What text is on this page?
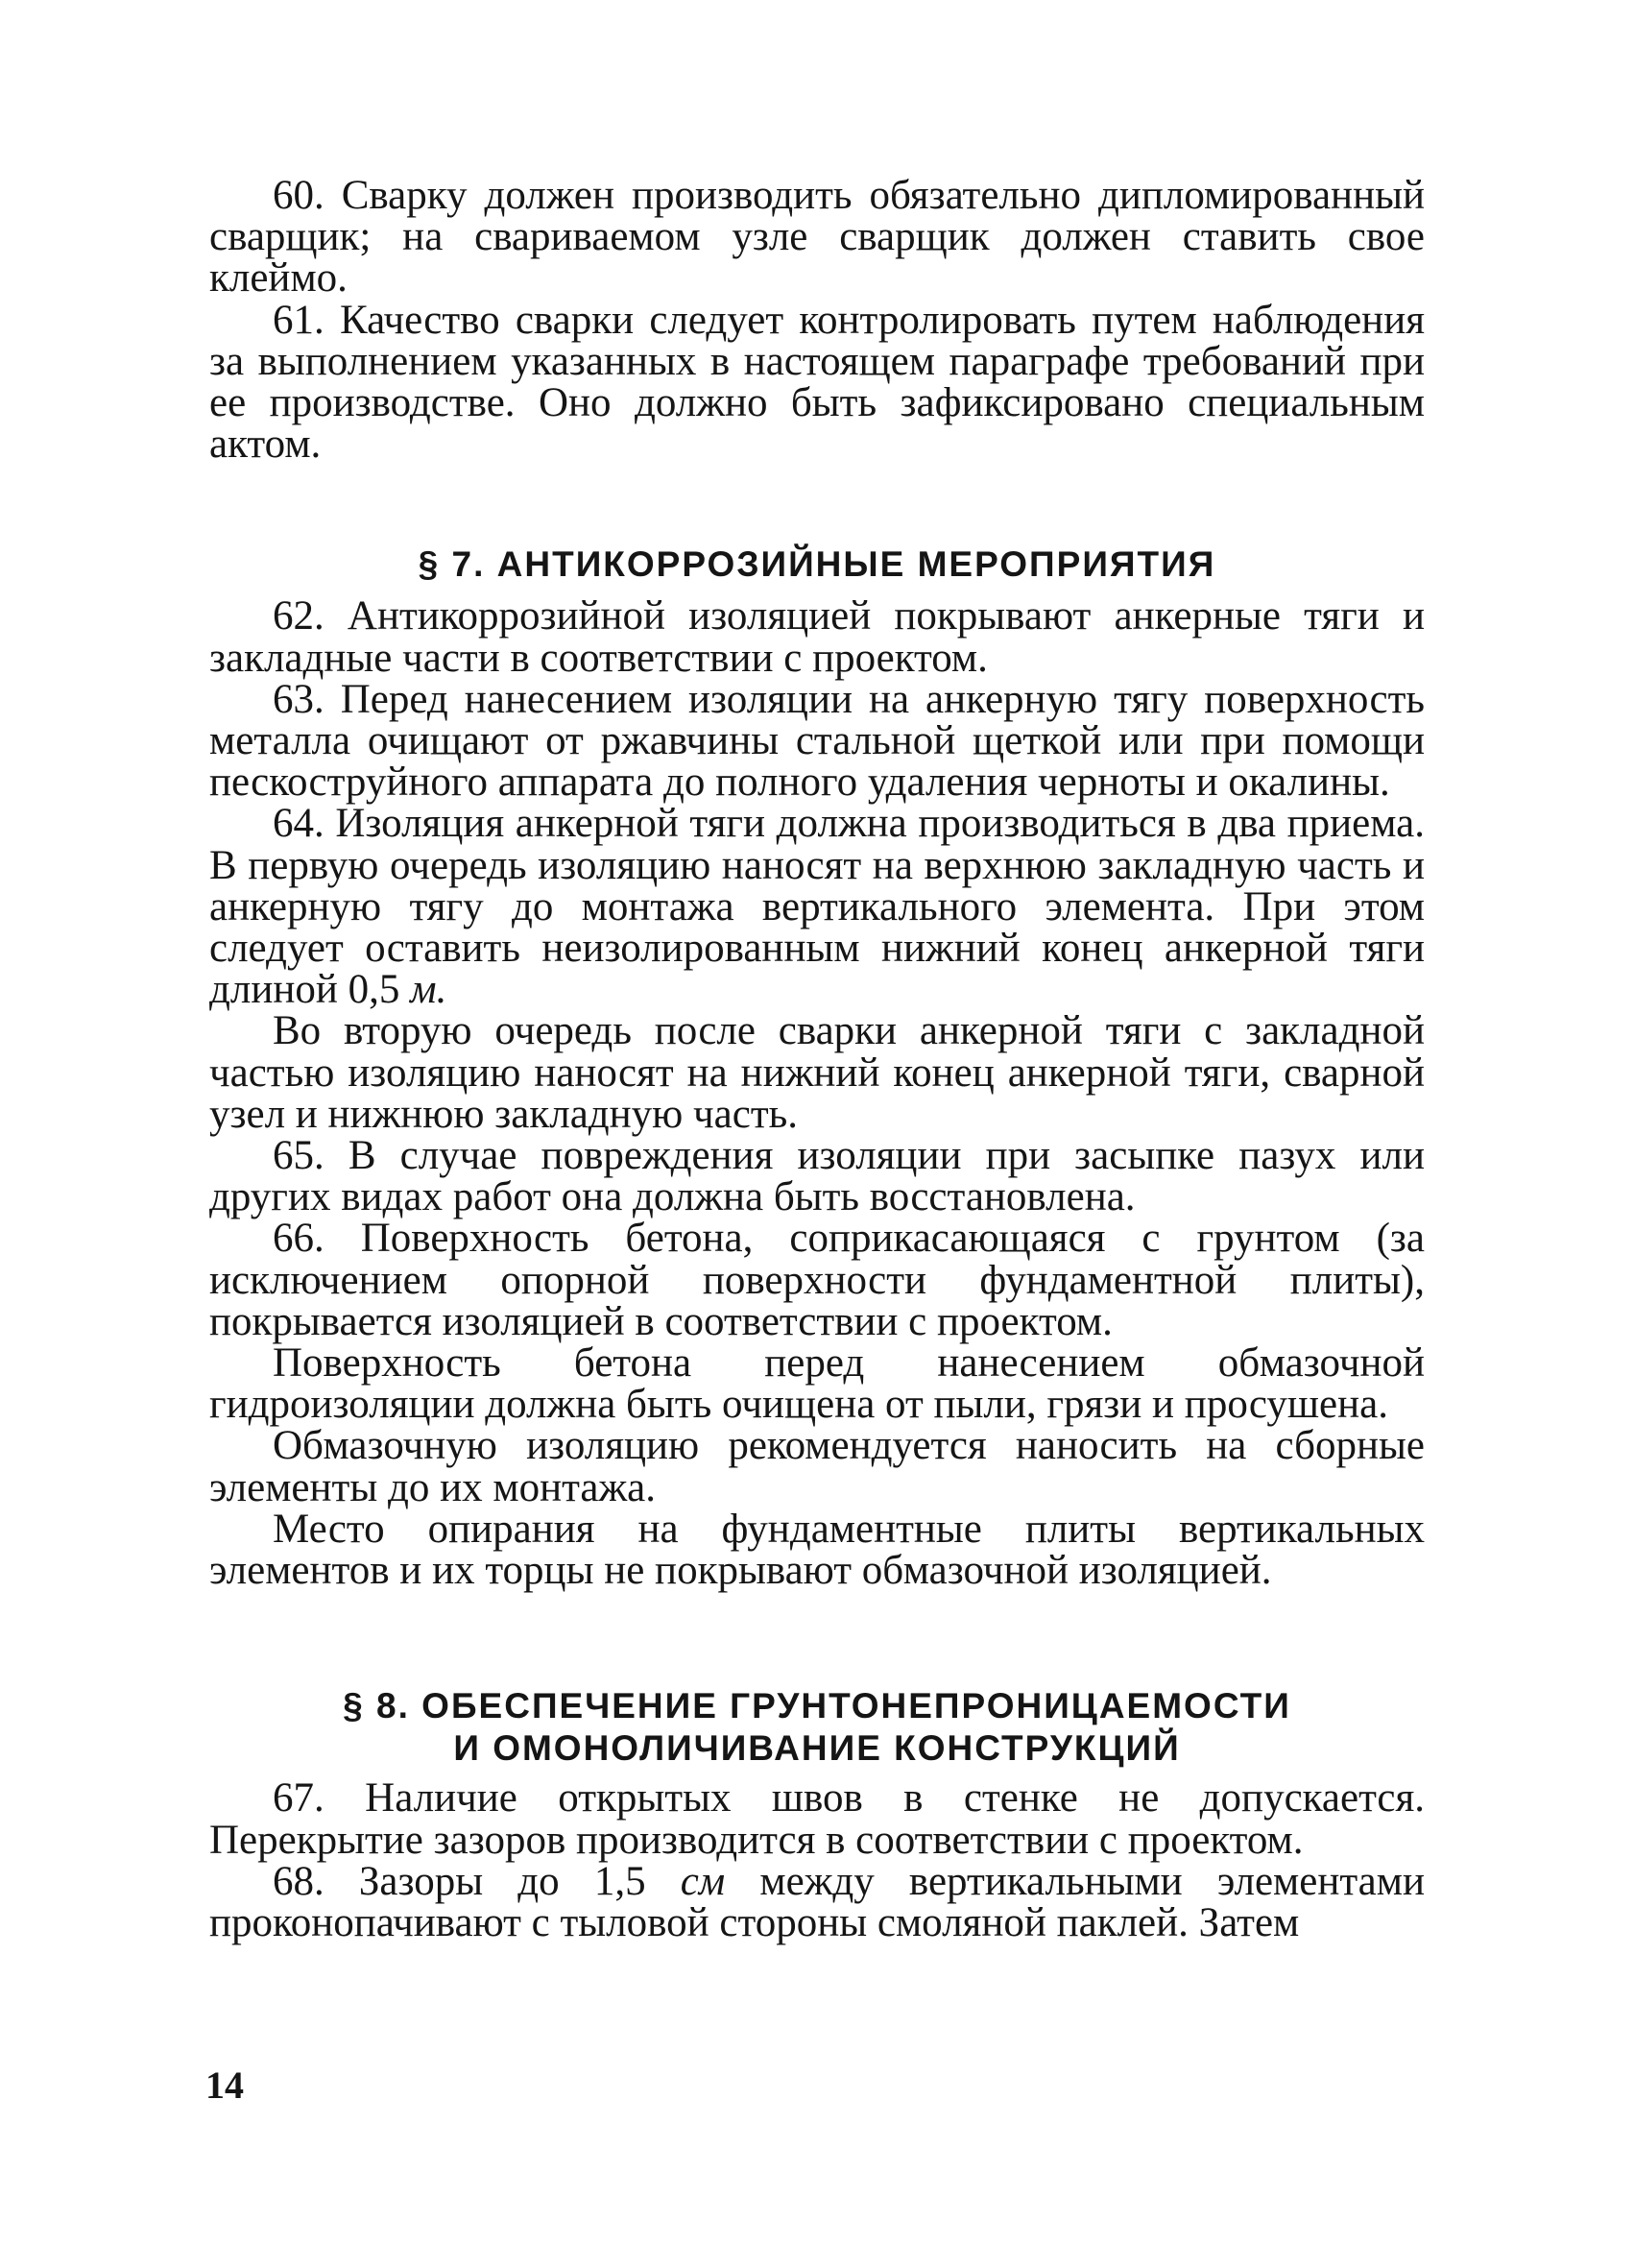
60. Сварку должен производить обязательно дипломированный сварщик; на свариваемом узле сварщик должен ставить свое клеймо.

61. Качество сварки следует контролировать путем наблюдения за выполнением указанных в настоящем параграфе требований при ее производстве. Оно должно быть зафиксировано специальным актом.

§ 7. АНТИКОРРОЗИЙНЫЕ МЕРОПРИЯТИЯ

62. Антикоррозийной изоляцией покрывают анкерные тяги и закладные части в соответствии с проектом.

63. Перед нанесением изоляции на анкерную тягу поверхность металла очищают от ржавчины стальной щеткой или при помощи пескоструйного аппарата до полного удаления черноты и окалины.

64. Изоляция анкерной тяги должна производиться в два приема. В первую очередь изоляцию наносят на верхнюю закладную часть и анкерную тягу до монтажа вертикального элемента. При этом следует оставить неизолированным нижний конец анкерной тяги длиной 0,5 м.

Во вторую очередь после сварки анкерной тяги с закладной частью изоляцию наносят на нижний конец анкерной тяги, сварной узел и нижнюю закладную часть.

65. В случае повреждения изоляции при засыпке пазух или других видах работ она должна быть восстановлена.

66. Поверхность бетона, соприкасающаяся с грунтом (за исключением опорной поверхности фундаментной плиты), покрывается изоляцией в соответствии с проектом.

Поверхность бетона перед нанесением обмазочной гидроизоляции должна быть очищена от пыли, грязи и просушена.

Обмазочную изоляцию рекомендуется наносить на сборные элементы до их монтажа.

Место опирания на фундаментные плиты вертикальных элементов и их торцы не покрывают обмазочной изоляцией.

§ 8. ОБЕСПЕЧЕНИЕ ГРУНТОНЕПРОНИЦАЕМОСТИ
И ОМОНОЛИЧИВАНИЕ КОНСТРУКЦИЙ

67. Наличие открытых швов в стенке не допускается. Перекрытие зазоров производится в соответствии с проектом.

68. Зазоры до 1,5 см между вертикальными элементами проконопачивают с тыловой стороны смоляной паклей. Затем

14
